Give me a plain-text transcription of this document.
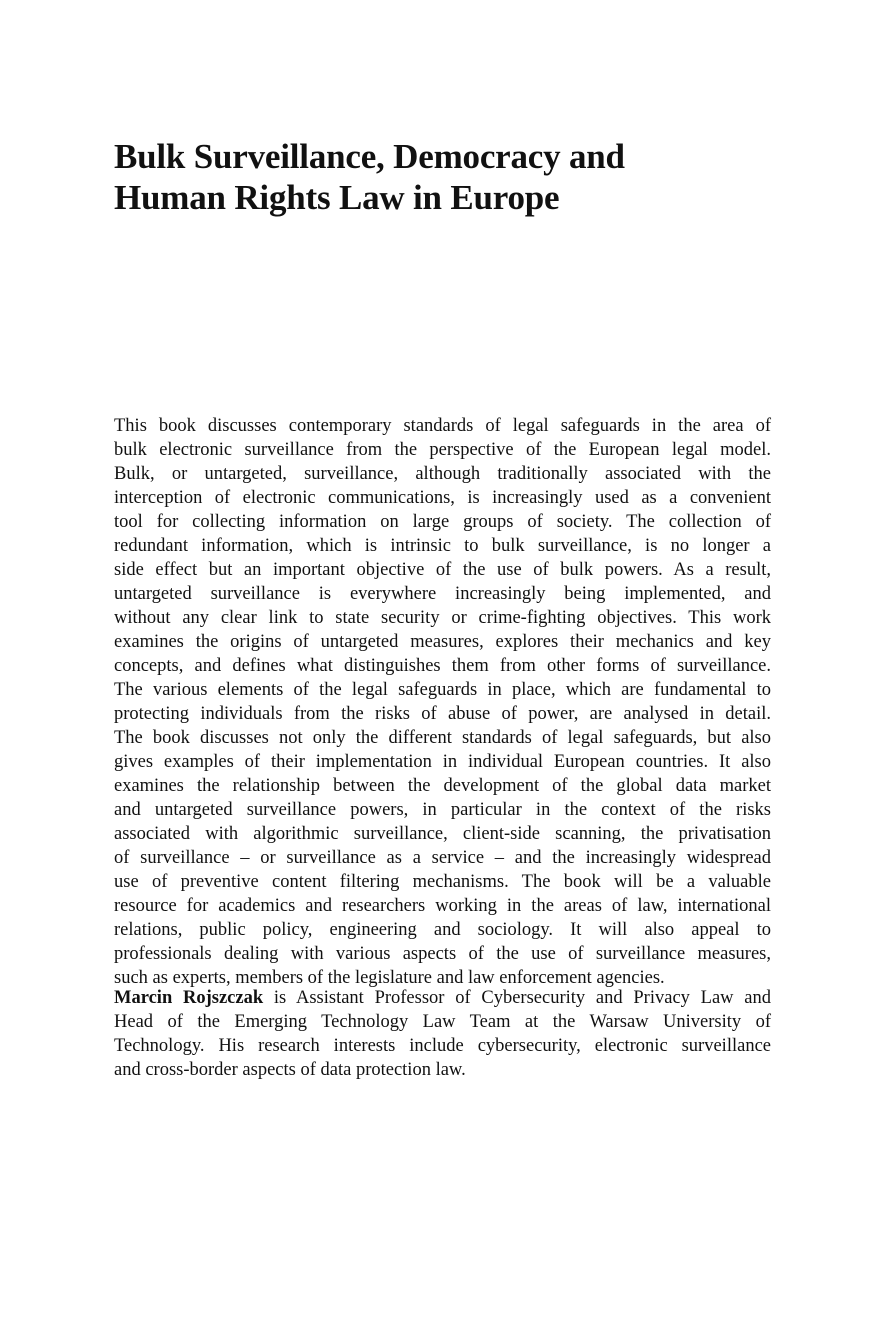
Bulk Surveillance, Democracy and
Human Rights Law in Europe
This book discusses contemporary standards of legal safeguards in the area of
bulk electronic surveillance from the perspective of the European legal model.
Bulk, or untargeted, surveillance, although traditionally associated with the
interception of electronic communications, is increasingly used as a convenient
tool for collecting information on large groups of society. The collection of
redundant information, which is intrinsic to bulk surveillance, is no longer a
side effect but an important objective of the use of bulk powers. As a result,
untargeted surveillance is everywhere increasingly being implemented, and
without any clear link to state security or crime-fighting objectives. This work
examines the origins of untargeted measures, explores their mechanics and key
concepts, and defines what distinguishes them from other forms of surveillance.
The various elements of the legal safeguards in place, which are fundamental to
protecting individuals from the risks of abuse of power, are analysed in detail.
The book discusses not only the different standards of legal safeguards, but also
gives examples of their implementation in individual European countries. It also
examines the relationship between the development of the global data market
and untargeted surveillance powers, in particular in the context of the risks
associated with algorithmic surveillance, client-side scanning, the privatisation
of surveillance – or surveillance as a service – and the increasingly widespread
use of preventive content filtering mechanisms. The book will be a valuable
resource for academics and researchers working in the areas of law, international
relations, public policy, engineering and sociology. It will also appeal to
professionals dealing with various aspects of the use of surveillance measures,
such as experts, members of the legislature and law enforcement agencies.
Marcin Rojszczak is Assistant Professor of Cybersecurity and Privacy Law and
Head of the Emerging Technology Law Team at the Warsaw University of
Technology. His research interests include cybersecurity, electronic surveillance
and cross-border aspects of data protection law.
